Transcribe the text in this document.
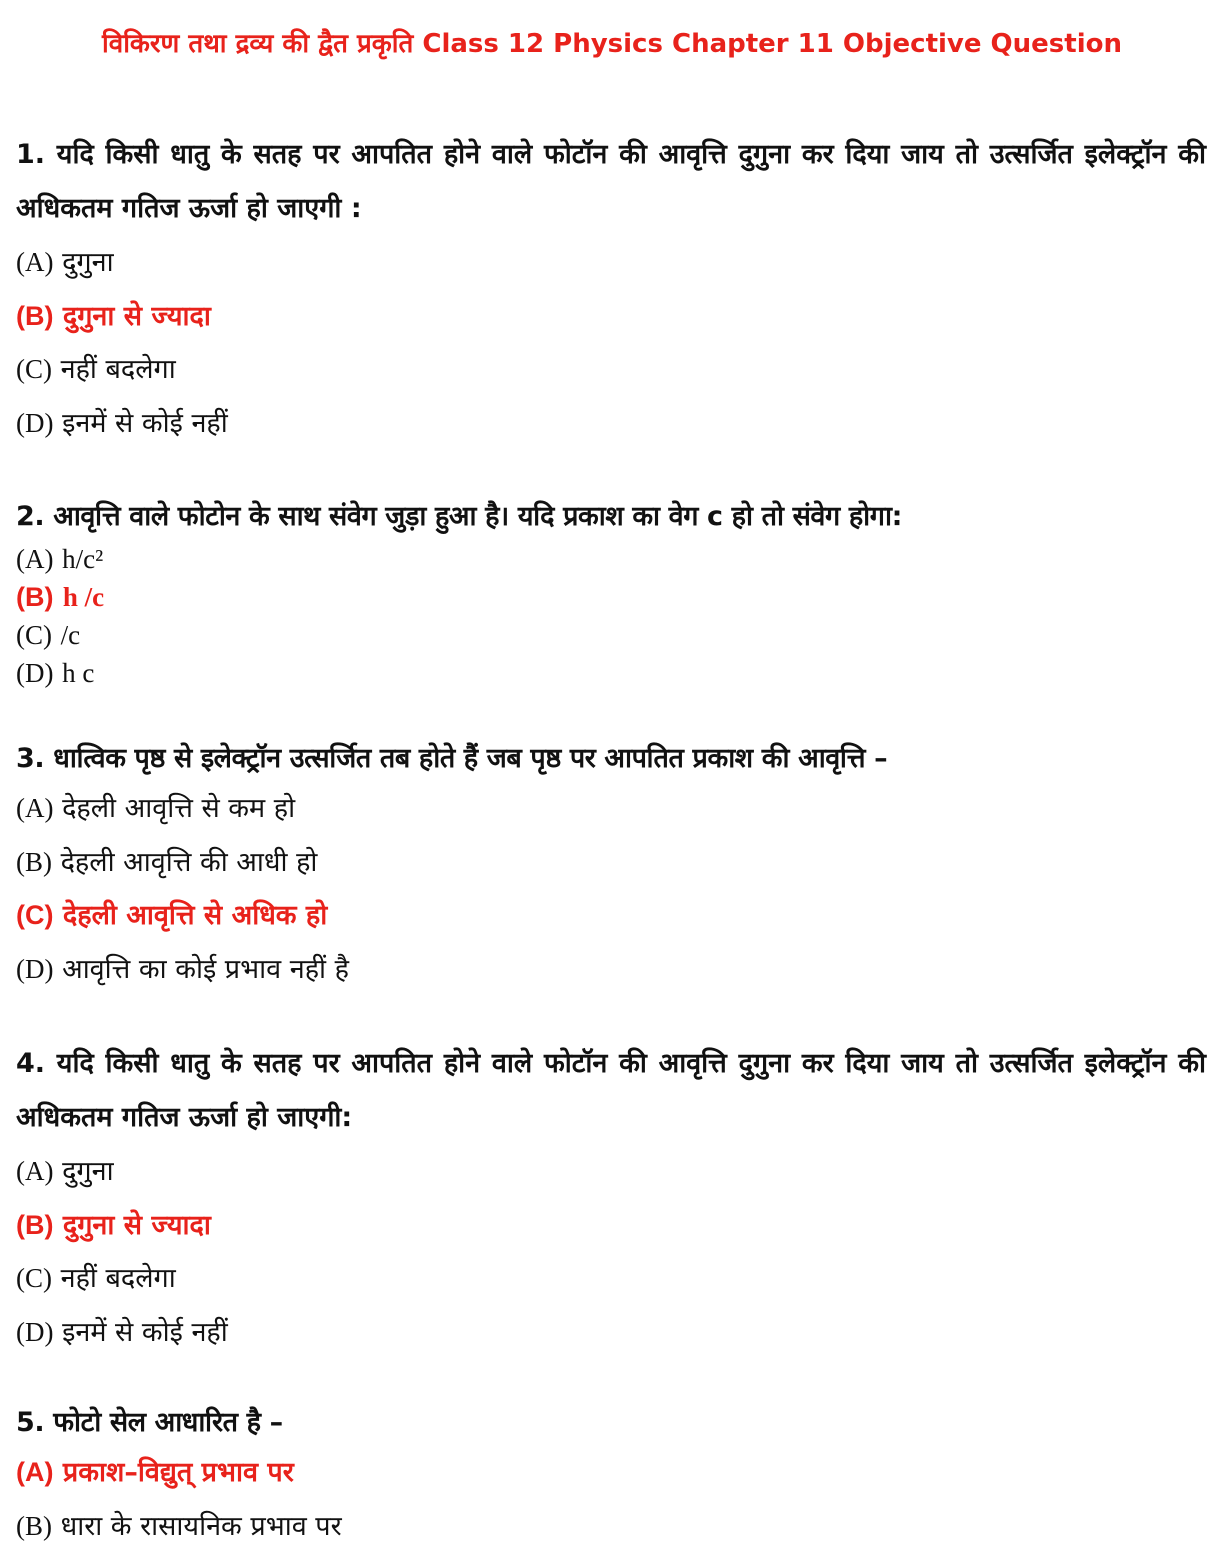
विकिरण तथा द्रव्य की द्वैत प्रकृति Class 12 Physics Chapter 11 Objective Question

1. यदि किसी धातु के सतह पर आपतित होने वाले फोटॉन की आवृत्ति दुगुना कर दिया जाय तो उत्सर्जित इलेक्ट्रॉन की अधिकतम गतिज ऊर्जा हो जाएगी :

(A) दुगुना
(B) दुगुना से ज्यादा
(C) नहीं बदलेगा
(D) इनमें से कोई नहीं

2. आवृत्ति वाले फोटोन के साथ संवेग जुड़ा हुआ है। यदि प्रकाश का वेग c हो तो संवेग होगा:

(A) h/c²
(B) h /c
(C) /c
(D) h c

3. धात्विक पृष्ठ से इलेक्ट्रॉन उत्सर्जित तब होते हैं जब पृष्ठ पर आपतित प्रकाश की आवृत्ति –

(A) देहली आवृत्ति से कम हो
(B) देहली आवृत्ति की आधी हो
(C) देहली आवृत्ति से अधिक हो
(D) आवृत्ति का कोई प्रभाव नहीं है

4. यदि किसी धातु के सतह पर आपतित होने वाले फोटॉन की आवृत्ति दुगुना कर दिया जाय तो उत्सर्जित इलेक्ट्रॉन की अधिकतम गतिज ऊर्जा हो जाएगी:

(A) दुगुना
(B) दुगुना से ज्यादा
(C) नहीं बदलेगा
(D) इनमें से कोई नहीं

5. फोटो सेल आधारित है –

(A) प्रकाश–विद्युत् प्रभाव पर
(B) धारा के रासायनिक प्रभाव पर
